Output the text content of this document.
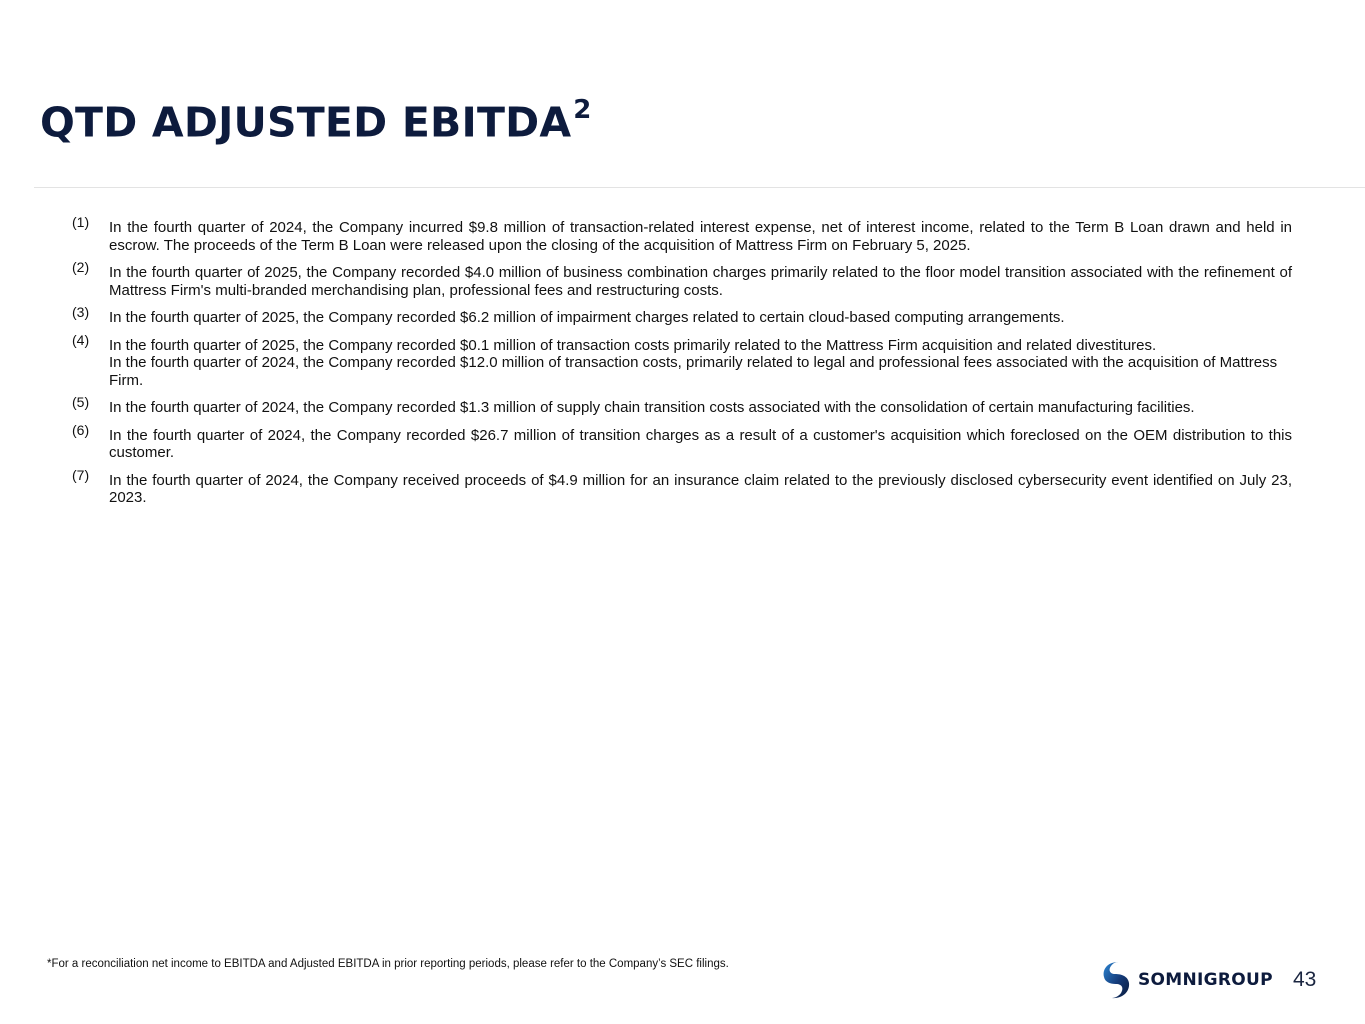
QTD ADJUSTED EBITDA$^2$
(1) In the fourth quarter of 2024, the Company incurred $9.8 million of transaction-related interest expense, net of interest income, related to the Term B Loan drawn and held in escrow. The proceeds of the Term B Loan were released upon the closing of the acquisition of Mattress Firm on February 5, 2025.
(2) In the fourth quarter of 2025, the Company recorded $4.0 million of business combination charges primarily related to the floor model transition associated with the refinement of Mattress Firm's multi-branded merchandising plan, professional fees and restructuring costs.
(3) In the fourth quarter of 2025, the Company recorded $6.2 million of impairment charges related to certain cloud-based computing arrangements.
(4) In the fourth quarter of 2025, the Company recorded $0.1 million of transaction costs primarily related to the Mattress Firm acquisition and related divestitures.
In the fourth quarter of 2024, the Company recorded $12.0 million of transaction costs, primarily related to legal and professional fees associated with the acquisition of Mattress Firm.
(5) In the fourth quarter of 2024, the Company recorded $1.3 million of supply chain transition costs associated with the consolidation of certain manufacturing facilities.
(6) In the fourth quarter of 2024, the Company recorded $26.7 million of transition charges as a result of a customer's acquisition which foreclosed on the OEM distribution to this customer.
(7) In the fourth quarter of 2024, the Company received proceeds of $4.9 million for an insurance claim related to the previously disclosed cybersecurity event identified on July 23, 2023.
*For a reconciliation net income to EBITDA and Adjusted EBITDA in prior reporting periods, please refer to the Company’s SEC filings.
SOMNIGROUP 43
